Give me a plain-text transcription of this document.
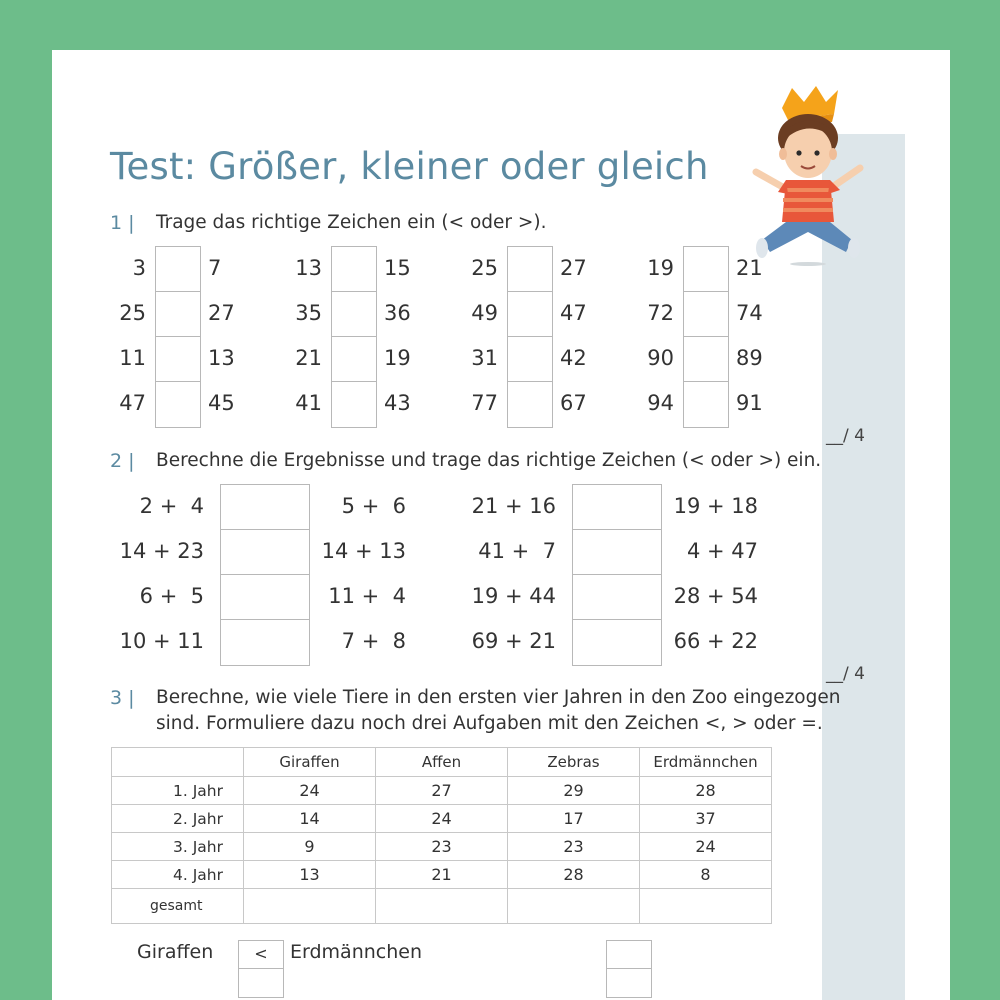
Test: Größer, kleiner oder gleich
1 | Trage das richtige Zeichen ein (< oder >).
3	7
25	27
11	13
47	45
13	15
35	36
21	19
41	43
25	27
49	47
31	42
77	67
19	21
72	74
90	89
94	91
__/ 4
2 | Berechne die Ergebnisse und trage das richtige Zeichen (< oder >) ein.
2 +  4	5 +  6
14 + 23	14 + 13
6 +  5	11 +  4
10 + 11	7 +  8
21 + 16	19 + 18
41 +  7	4 + 47
19 + 44	28 + 54
69 + 21	66 + 22
__/ 4
3 | Berechne, wie viele Tiere in den ersten vier Jahren in den Zoo eingezogen
sind. Formuliere dazu noch drei Aufgaben mit den Zeichen <, > oder =.
	Giraffen	Affen	Zebras	Erdmännchen
1. Jahr	24	27	29	28
2. Jahr	14	24	17	37
3. Jahr	9	23	23	24
4. Jahr	13	21	28	8
gesamt				
Giraffen	<	Erdmännchen
